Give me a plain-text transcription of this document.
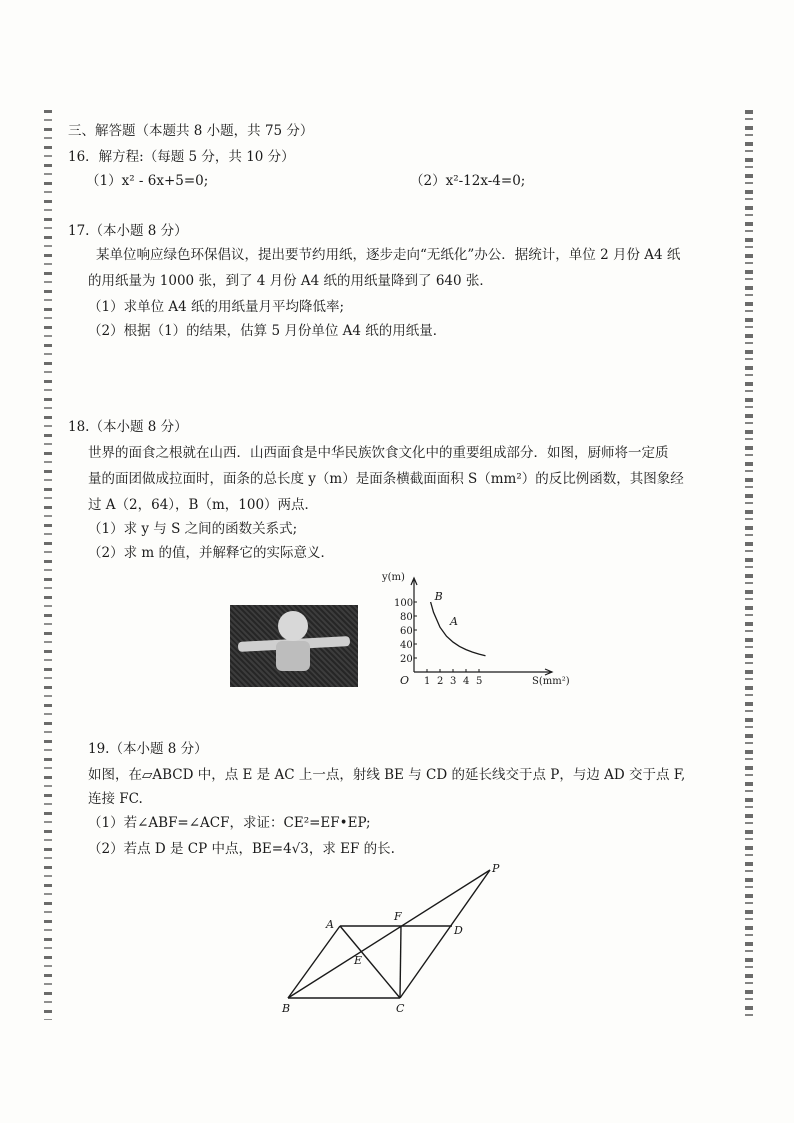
三、解答题（本题共 8 小题，共 75 分）
16．解方程:（每题 5 分，共 10 分）
（1）x² - 6x+5=0;	（2）x²-12x-4=0;
17.（本小题 8 分）
某单位响应绿色环保倡议，提出要节约用纸，逐步走向“无纸化”办公．据统计，单位 2 月份 A4 纸
的用纸量为 1000 张，到了 4 月份 A4 纸的用纸量降到了 640 张．
（1）求单位 A4 纸的用纸量月平均降低率;
（2）根据（1）的结果，估算 5 月份单位 A4 纸的用纸量．
18.（本小题 8 分）
世界的面食之根就在山西．山西面食是中华民族饮食文化中的重要组成部分．如图，厨师将一定质
量的面团做成拉面时，面条的总长度 y（m）是面条横截面面积 S（mm²）的反比例函数，其图象经
过 A（2，64），B（m，100）两点．
（1）求 y 与 S 之间的函数关系式;
（2）求 m 的值，并解释它的实际意义．
y(m)
S(mm²)
O 1 2 3 4 5
20
40
60
80
100
A
B
19.（本小题 8 分）
如图，在▱ABCD 中，点 E 是 AC 上一点，射线 BE 与 CD 的延长线交于点 P，与边 AD 交于点 F,
连接 FC.
（1）若∠ABF=∠ACF，求证：CE²=EF•EP;
（2）若点 D 是 CP 中点，BE=4√3，求 EF 的长.
A
B	C
D
E
F
P
